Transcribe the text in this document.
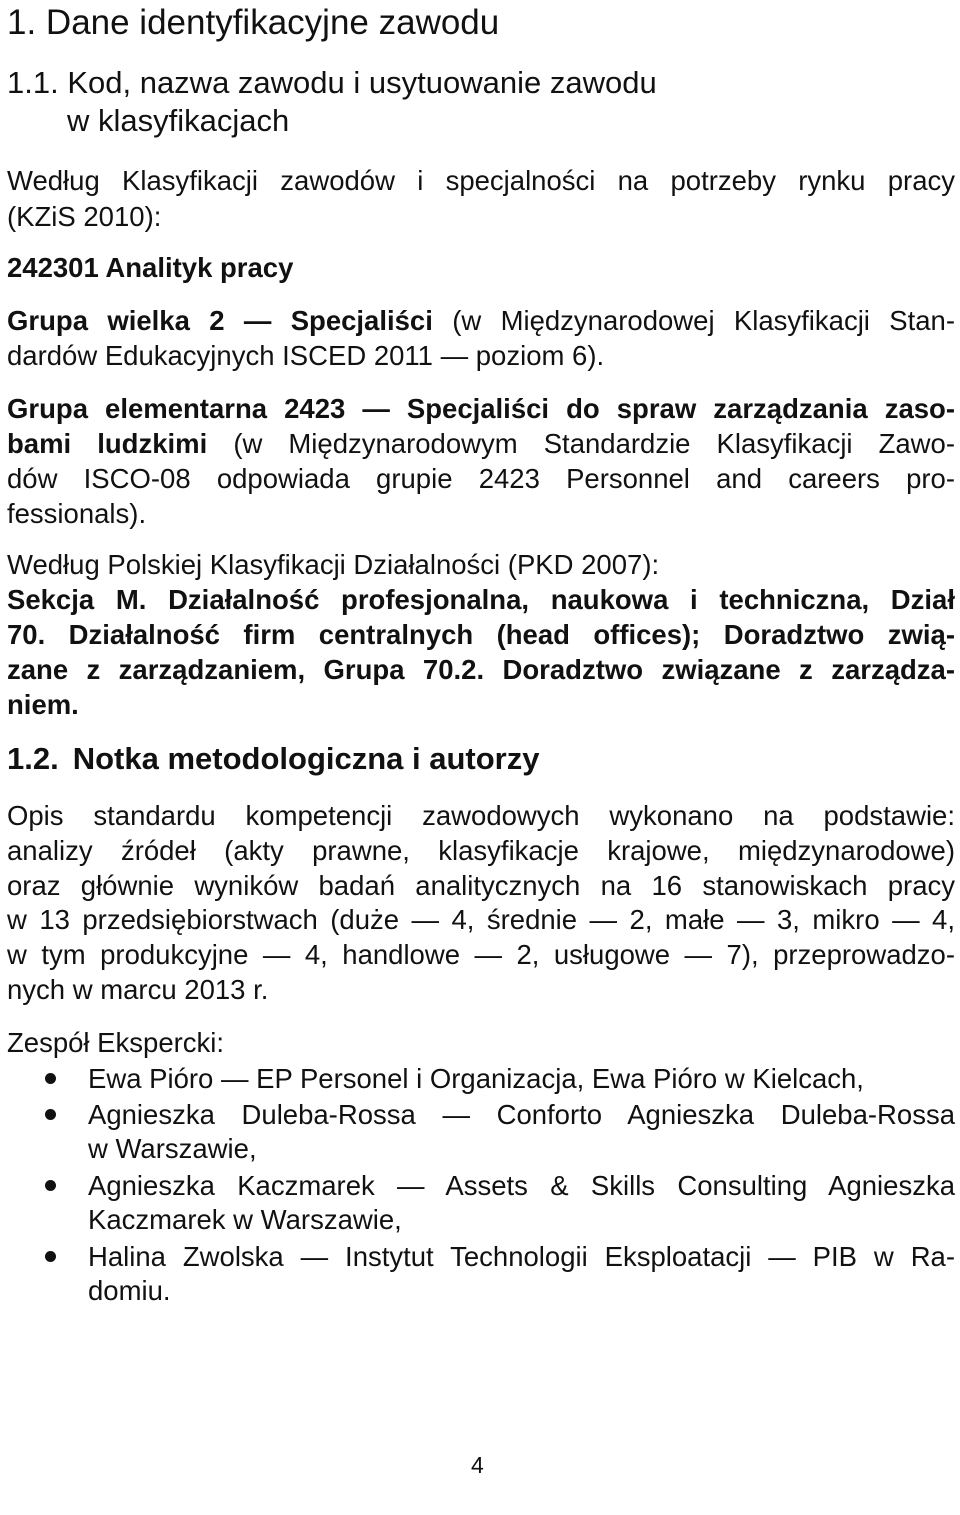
1. Dane identyfikacyjne zawodu
1.1. Kod, nazwa zawodu i usytuowanie zawodu
w klasyfikacjach
Według Klasyfikacji zawodów i specjalności na potrzeby rynku pracy
(KZiS 2010):
242301 Analityk pracy
Grupa wielka 2 — Specjaliści (w Międzynarodowej Klasyfikacji Stan-
dardów Edukacyjnych ISCED 2011 — poziom 6).
Grupa elementarna 2423 — Specjaliści do spraw zarządzania zaso-
bami ludzkimi (w Międzynarodowym Standardzie Klasyfikacji Zawo-
dów ISCO-08 odpowiada grupie 2423 Personnel and careers pro-
fessionals).
Według Polskiej Klasyfikacji Działalności (PKD 2007):
Sekcja M. Działalność profesjonalna, naukowa i techniczna, Dział
70. Działalność firm centralnych (head offices); Doradztwo zwią-
zane z zarządzaniem, Grupa 70.2. Doradztwo związane z zarządza-
niem.
1.2. Notka metodologiczna i autorzy
Opis standardu kompetencji zawodowych wykonano na podstawie:
analizy źródeł (akty prawne, klasyfikacje krajowe, międzynarodowe)
oraz głównie wyników badań analitycznych na 16 stanowiskach pracy
w 13 przedsiębiorstwach (duże — 4, średnie — 2, małe — 3, mikro — 4,
w tym produkcyjne — 4, handlowe — 2, usługowe — 7), przeprowadzo-
nych w marcu 2013 r.
Zespół Ekspercki:
Ewa Pióro — EP Personel i Organizacja, Ewa Pióro w Kielcach,
Agnieszka Duleba-Rossa — Conforto Agnieszka Duleba-Rossa
w Warszawie,
Agnieszka Kaczmarek — Assets & Skills Consulting Agnieszka
Kaczmarek w Warszawie,
Halina Zwolska — Instytut Technologii Eksploatacji — PIB w Ra-
domiu.
4
